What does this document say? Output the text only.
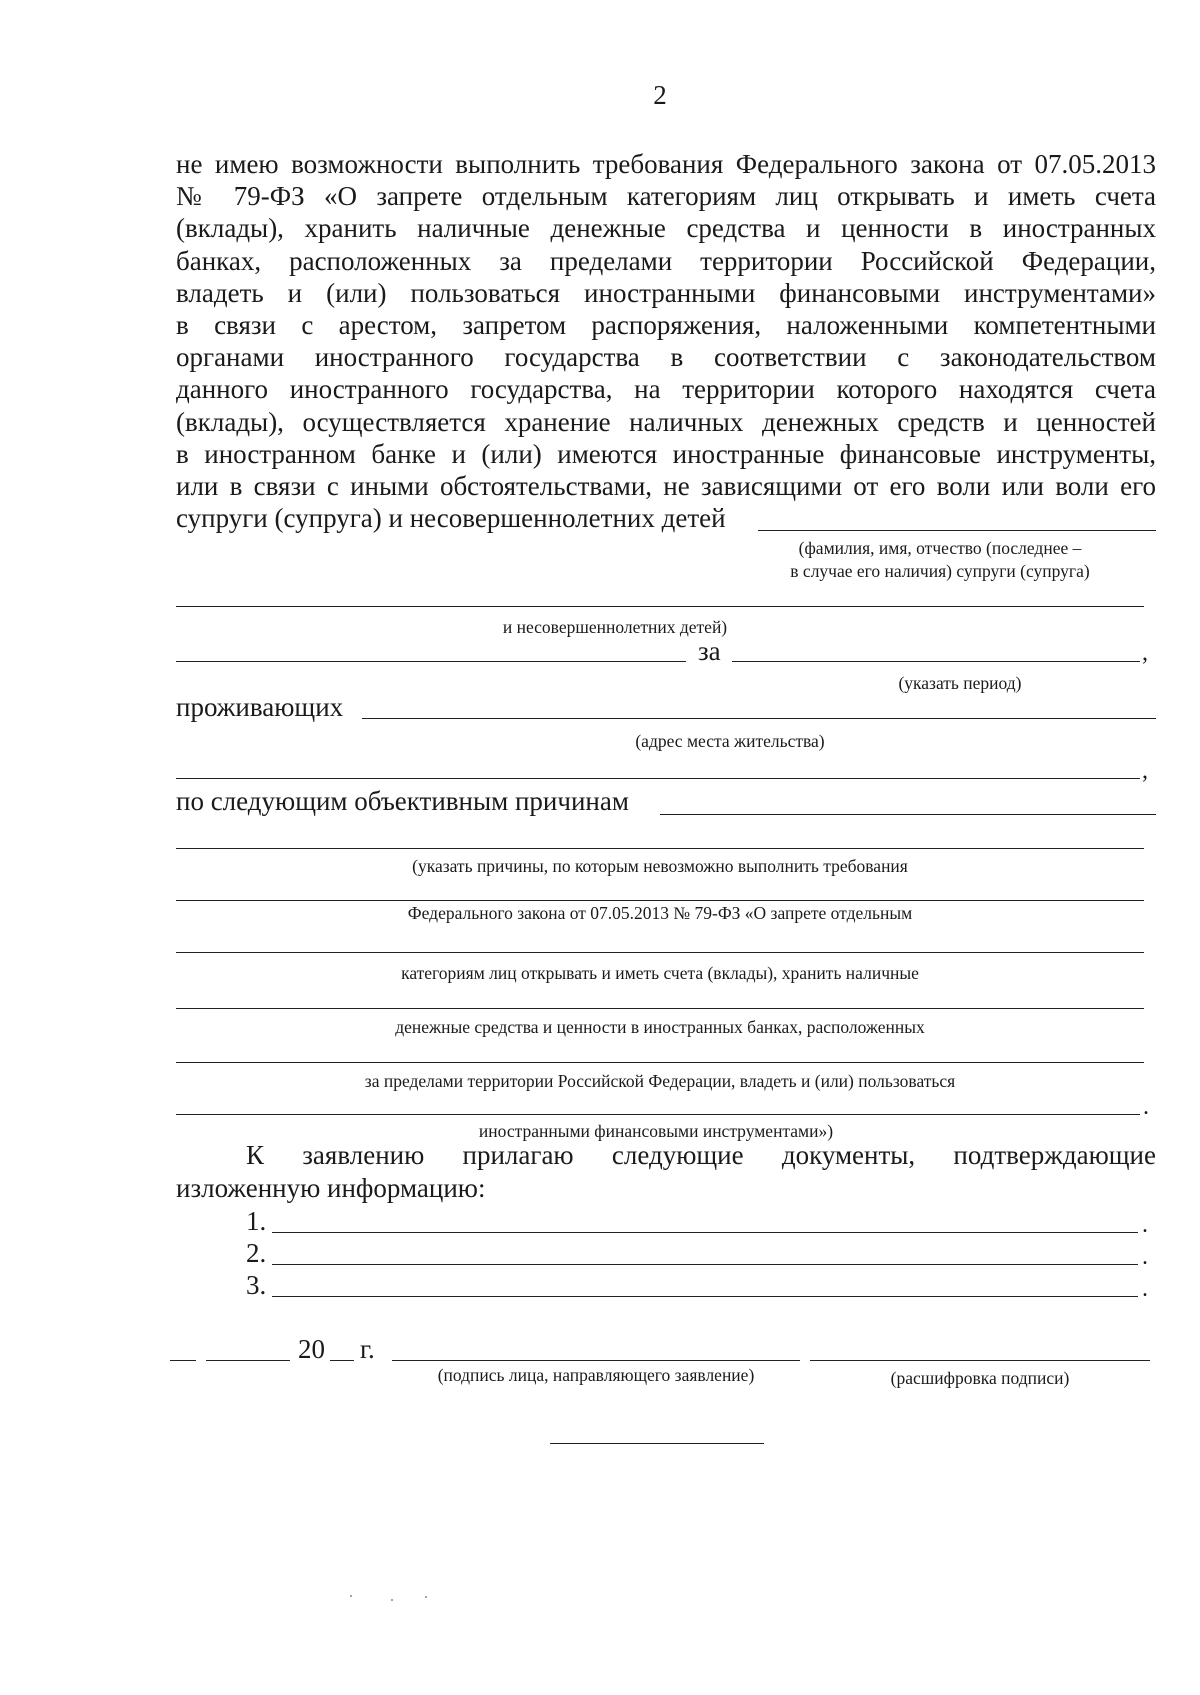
2
не имею возможности выполнить требования Федерального закона от 07.05.2013
№ 79-ФЗ «О запрете отдельным категориям лиц открывать и иметь счета
(вклады), хранить наличные денежные средства и ценности в иностранных
банках, расположенных за пределами территории Российской Федерации,
владеть и (или) пользоваться иностранными финансовыми инструментами»
в связи с арестом, запретом распоряжения, наложенными компетентными
органами иностранного государства в соответствии с законодательством
данного иностранного государства, на территории которого находятся счета
(вклады), осуществляется хранение наличных денежных средств и ценностей
в иностранном банке и (или) имеются иностранные финансовые инструменты,
или в связи с иными обстоятельствами, не зависящими от его воли или воли его
супруги (супруга) и несовершеннолетних детей
(фамилия, имя, отчество (последнее –
в случае его наличия) супруги (супруга)
и несовершеннолетних детей)
за	,
(указать период)
проживающих
(адрес места жительства)
,
по следующим объективным причинам
(указать причины, по которым невозможно выполнить требования
Федерального закона от 07.05.2013 № 79-ФЗ «О запрете отдельным
категориям лиц открывать и иметь счета (вклады), хранить наличные
денежные средства и ценности в иностранных банках, расположенных
за пределами территории Российской Федерации, владеть и (или) пользоваться
.
иностранными финансовыми инструментами»)
К заявлению прилагаю следующие документы, подтверждающие
изложенную информацию:
1.	.
2.	.
3.	.
20 г.
(подпись лица, направляющего заявление)	(расшифровка подписи)
